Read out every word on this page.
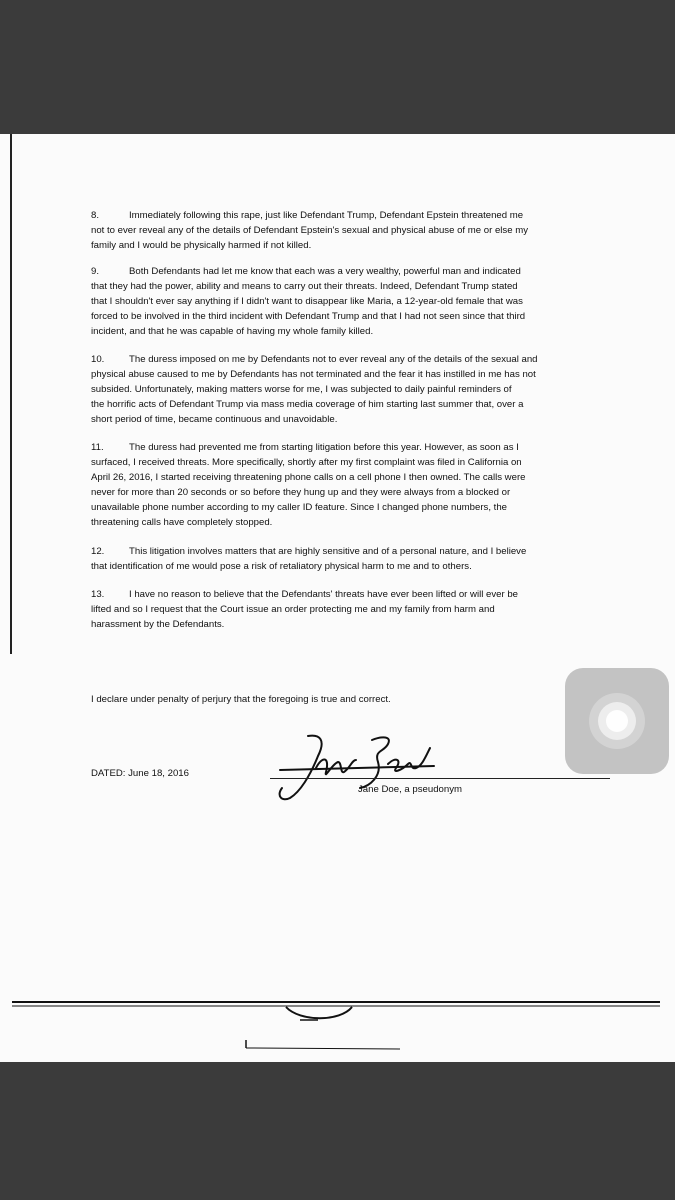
8.	Immediately following this rape, just like Defendant Trump, Defendant Epstein threatened me
not to ever reveal any of the details of Defendant Epstein's sexual and physical abuse of me or else my
family and I would be physically harmed if not killed.
9.	Both Defendants had let me know that each was a very wealthy, powerful man and indicated
that they had the power, ability and means to carry out their threats. Indeed, Defendant Trump stated
that I shouldn't ever say anything if I didn't want to disappear like Maria, a 12-year-old female that was
forced to be involved in the third incident with Defendant Trump and that I had not seen since that third
incident, and that he was capable of having my whole family killed.
10.	The duress imposed on me by Defendants not to ever reveal any of the details of the sexual and
physical abuse caused to me by Defendants has not terminated and the fear it has instilled in me has not
subsided. Unfortunately, making matters worse for me, I was subjected to daily painful reminders of
the horrific acts of Defendant Trump via mass media coverage of him starting last summer that, over a
short period of time, became continuous and unavoidable.
11.	The duress had prevented me from starting litigation before this year. However, as soon as I
surfaced, I received threats. More specifically, shortly after my first complaint was filed in California on
April 26, 2016, I started receiving threatening phone calls on a cell phone I then owned. The calls were
never for more than 20 seconds or so before they hung up and they were always from a blocked or
unavailable phone number according to my caller ID feature. Since I changed phone numbers, the
threatening calls have completely stopped.
12.	This litigation involves matters that are highly sensitive and of a personal nature, and I believe
that identification of me would pose a risk of retaliatory physical harm to me and to others.
13.	I have no reason to believe that the Defendants' threats have ever been lifted or will ever be
lifted and so I request that the Court issue an order protecting me and my family from harm and
harassment by the Defendants.
I declare under penalty of perjury that the foregoing is true and correct.
DATED: June 18, 2016
Jane Doe, a pseudonym
